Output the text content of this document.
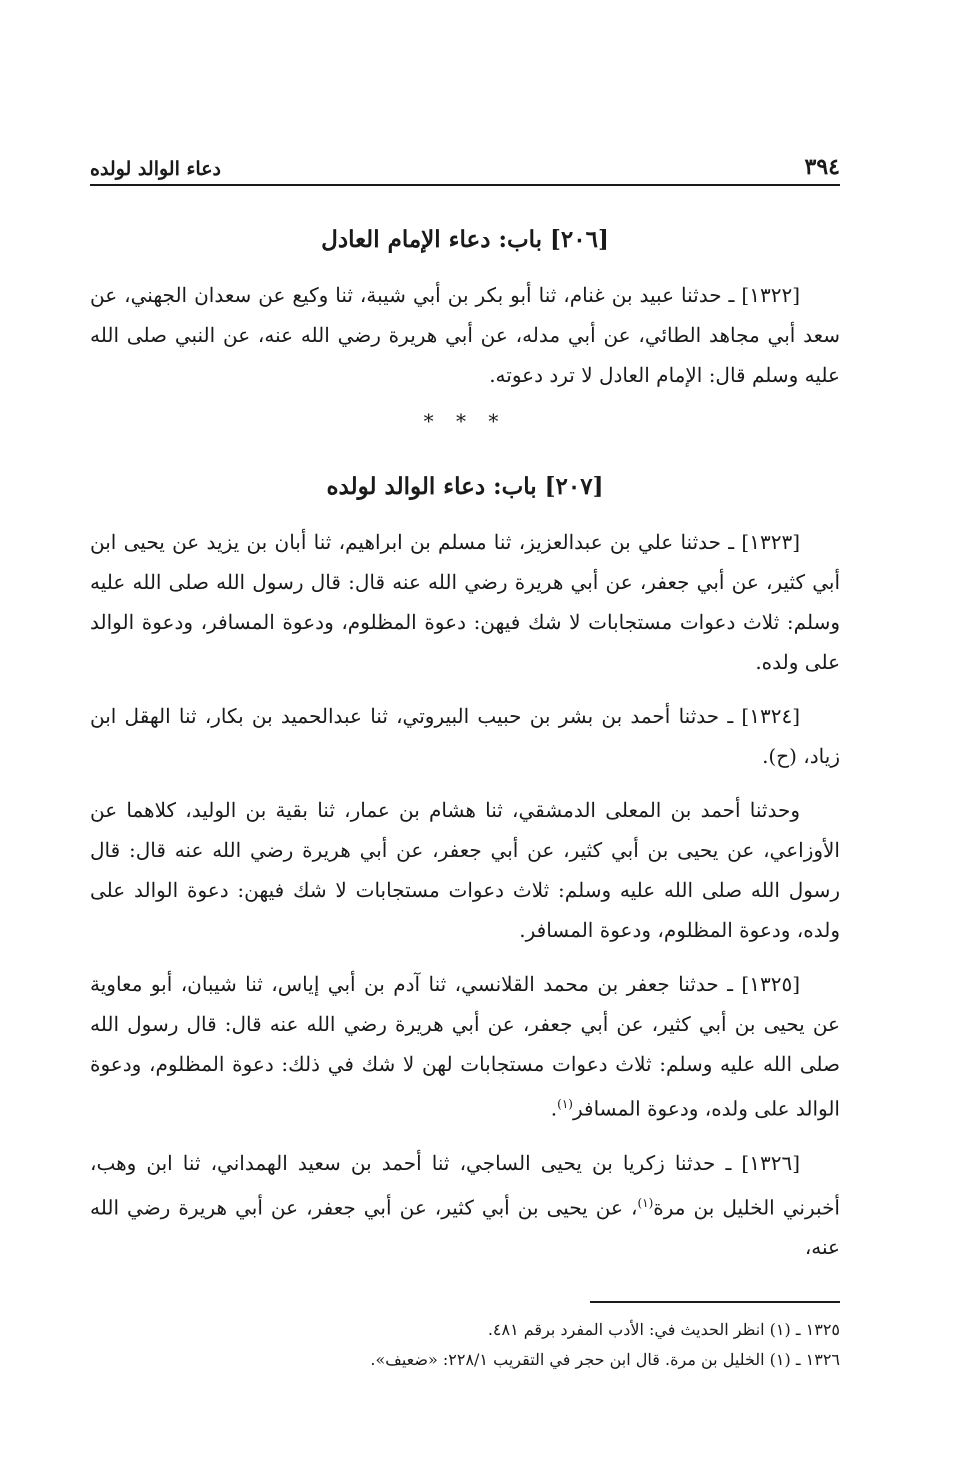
٣٩٤
دعاء الوالد لولده
[٢٠٦] باب: دعاء الإمام العادل

[١٣٢٢] ـ حدثنا عبيد بن غنام، ثنا أبو بكر بن أبي شيبة، ثنا وكيع عن سعدان الجهني، عن سعد أبي مجاهد الطائي، عن أبي مدله، عن أبي هريرة رضي الله عنه، عن النبي صلى الله عليه وسلم قال: الإمام العادل لا ترد دعوته.

* * *
[٢٠٧] باب: دعاء الوالد لولده

[١٣٢٣] ـ حدثنا علي بن عبدالعزيز، ثنا مسلم بن ابراهيم، ثنا أبان بن يزيد عن يحيى ابن أبي كثير، عن أبي جعفر، عن أبي هريرة رضي الله عنه قال: قال رسول الله صلى الله عليه وسلم: ثلاث دعوات مستجابات لا شك فيهن: دعوة المظلوم، ودعوة المسافر، ودعوة الوالد على ولده.

[١٣٢٤] ـ حدثنا أحمد بن بشر بن حبيب البيروتي، ثنا عبدالحميد بن بكار، ثنا الهقل ابن زياد، (ح).

وحدثنا أحمد بن المعلى الدمشقي، ثنا هشام بن عمار، ثنا بقية بن الوليد، كلاهما عن الأوزاعي، عن يحيى بن أبي كثير، عن أبي جعفر، عن أبي هريرة رضي الله عنه قال: قال رسول الله صلى الله عليه وسلم: ثلاث دعوات مستجابات لا شك فيهن: دعوة الوالد على ولده، ودعوة المظلوم، ودعوة المسافر.

[١٣٢٥] ـ حدثنا جعفر بن محمد القلانسي، ثنا آدم بن أبي إياس، ثنا شيبان، أبو معاوية عن يحيى بن أبي كثير، عن أبي جعفر، عن أبي هريرة رضي الله عنه قال: قال رسول الله صلى الله عليه وسلم: ثلاث دعوات مستجابات لهن لا شك في ذلك: دعوة المظلوم، ودعوة الوالد على ولده، ودعوة المسافر$^{(١)}$.

[١٣٢٦] ـ حدثنا زكريا بن يحيى الساجي، ثنا أحمد بن سعيد الهمداني، ثنا ابن وهب، أخبرني الخليل بن مرة$^{(١)}$، عن يحيى بن أبي كثير، عن أبي جعفر، عن أبي هريرة رضي الله عنه،

١٣٢٥ ـ (١) انظر الحديث في: الأدب المفرد برقم ٤٨١.

١٣٢٦ ـ (١) الخليل بن مرة. قال ابن حجر في التقريب ٢٢٨/١: «ضعيف».
